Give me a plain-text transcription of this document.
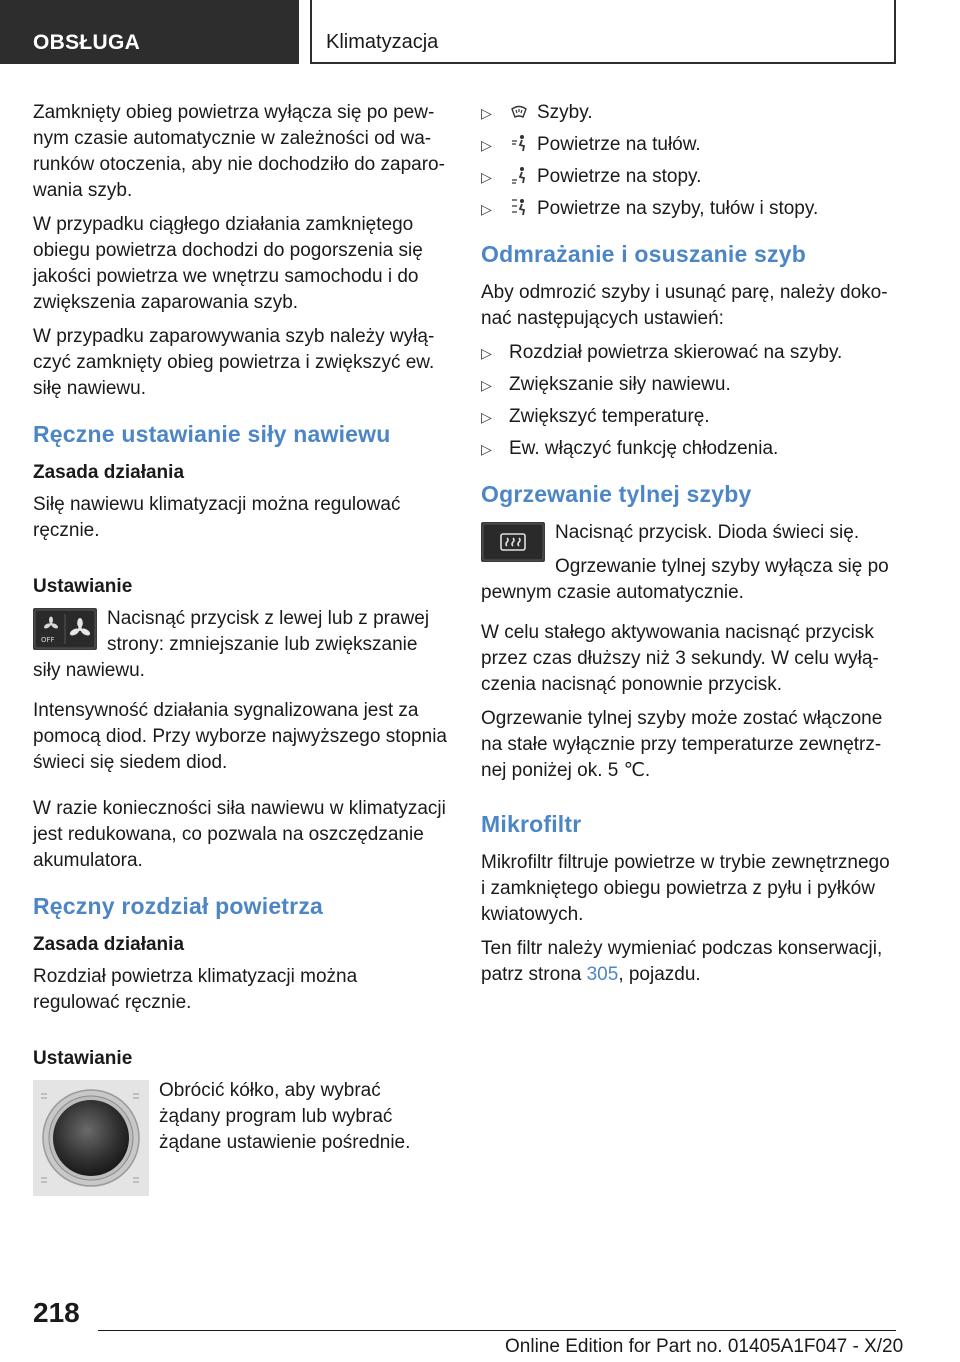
OBSŁUGA	Klimatyzacja

Zamknięty obieg powietrza wyłącza się po pewnym czasie automatycznie w zależności od warunków otoczenia, aby nie dochodziło do zaparowania szyb.

W przypadku ciągłego działania zamkniętego obiegu powietrza dochodzi do pogorszenia się jakości powietrza we wnętrzu samochodu i do zwiększenia zaparowania szyb.

W przypadku zaparowywania szyb należy wyłączyć zamknięty obieg powietrza i zwiększyć ew. siłę nawiewu.

Ręczne ustawianie siły nawiewu
Zasada działania

Siłę nawiewu klimatyzacji można regulować ręcznie.

Ustawianie
OFF

Nacisnąć przycisk z lewej lub z prawej strony: zmniejszanie lub zwiększanie siły nawiewu.

Intensywność działania sygnalizowana jest za pomocą diod. Przy wyborze najwyższego stopnia świeci się siedem diod.

W razie konieczności siła nawiewu w klimatyzacji jest redukowana, co pozwala na oszczędzanie akumulatora.

Ręczny rozdział powietrza
Zasada działania

Rozdział powietrza klimatyzacji można regulować ręcznie.

Ustawianie

Obrócić kółko, aby wybrać żądany program lub wybrać żądane ustawienie pośrednie.

▷ Szyby.
▷ Powietrze na tułów.
▷ Powietrze na stopy.
▷ Powietrze na szyby, tułów i stopy.
Odmrażanie i osuszanie szyb

Aby odmrozić szyby i usunąć parę, należy dokonać następujących ustawień:

▷ Rozdział powietrza skierować na szyby.
▷ Zwiększanie siły nawiewu.
▷ Zwiększyć temperaturę.
▷ Ew. włączyć funkcję chłodzenia.
Ogrzewanie tylnej szyby

Nacisnąć przycisk. Dioda świeci się.

Ogrzewanie tylnej szyby wyłącza się po pewnym czasie automatycznie.

W celu stałego aktywowania nacisnąć przycisk przez czas dłuższy niż 3 sekundy. W celu wyłączenia nacisnąć ponownie przycisk.

Ogrzewanie tylnej szyby może zostać włączone na stałe wyłącznie przy temperaturze zewnętrznej poniżej ok. 5 ℃.

Mikrofiltr

Mikrofiltr filtruje powietrze w trybie zewnętrznego i zamkniętego obiegu powietrza z pyłu i pyłków kwiatowych.

Ten filtr należy wymieniać podczas konserwacji, patrz strona 305, pojazdu.

218
Online Edition for Part no. 01405A1F047 - X/20
